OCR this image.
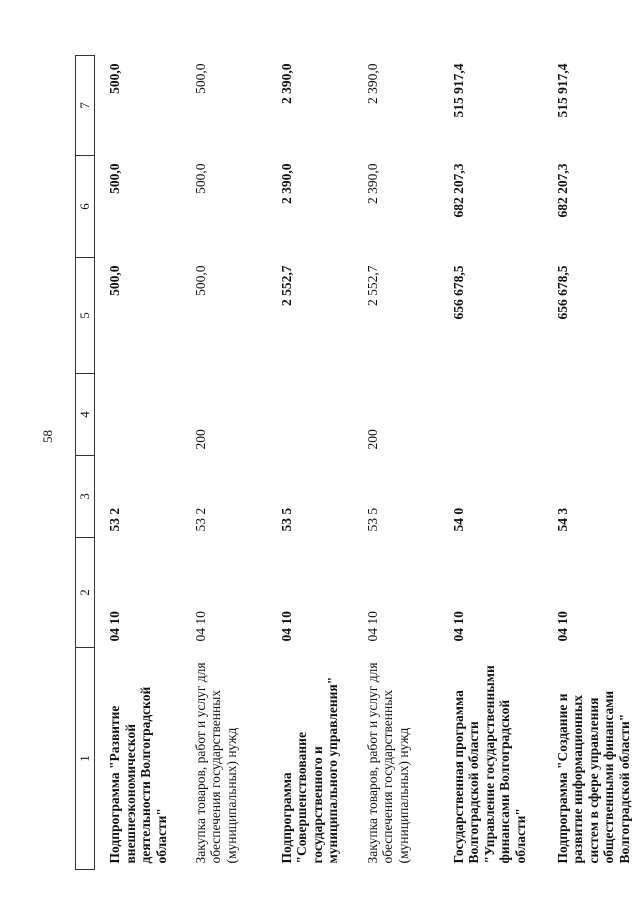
58
1	2	3	4	5	6	7
Подпрограмма "Развитие внешнеэкономической деятельности Волгоградской области"	04 10	53 2		500,0	500,0	500,0
Закупка товаров, работ и услуг для обеспечения государственных (муниципальных) нужд	04 10	53 2	200	500,0	500,0	500,0
Подпрограмма "Совершенствование государственного и муниципального управления"	04 10	53 5		2 552,7	2 390,0	2 390,0
Закупка товаров, работ и услуг для обеспечения государственных (муниципальных) нужд	04 10	53 5	200	2 552,7	2 390,0	2 390,0
Государственная программа Волгоградской области "Управление государственными финансами Волгоградской области"	04 10	54 0		656 678,5	682 207,3	515 917,4
Подпрограмма "Создание и развитие информационных систем в сфере управления общественными финансами Волгоградской области"	04 10	54 3		656 678,5	682 207,3	515 917,4
